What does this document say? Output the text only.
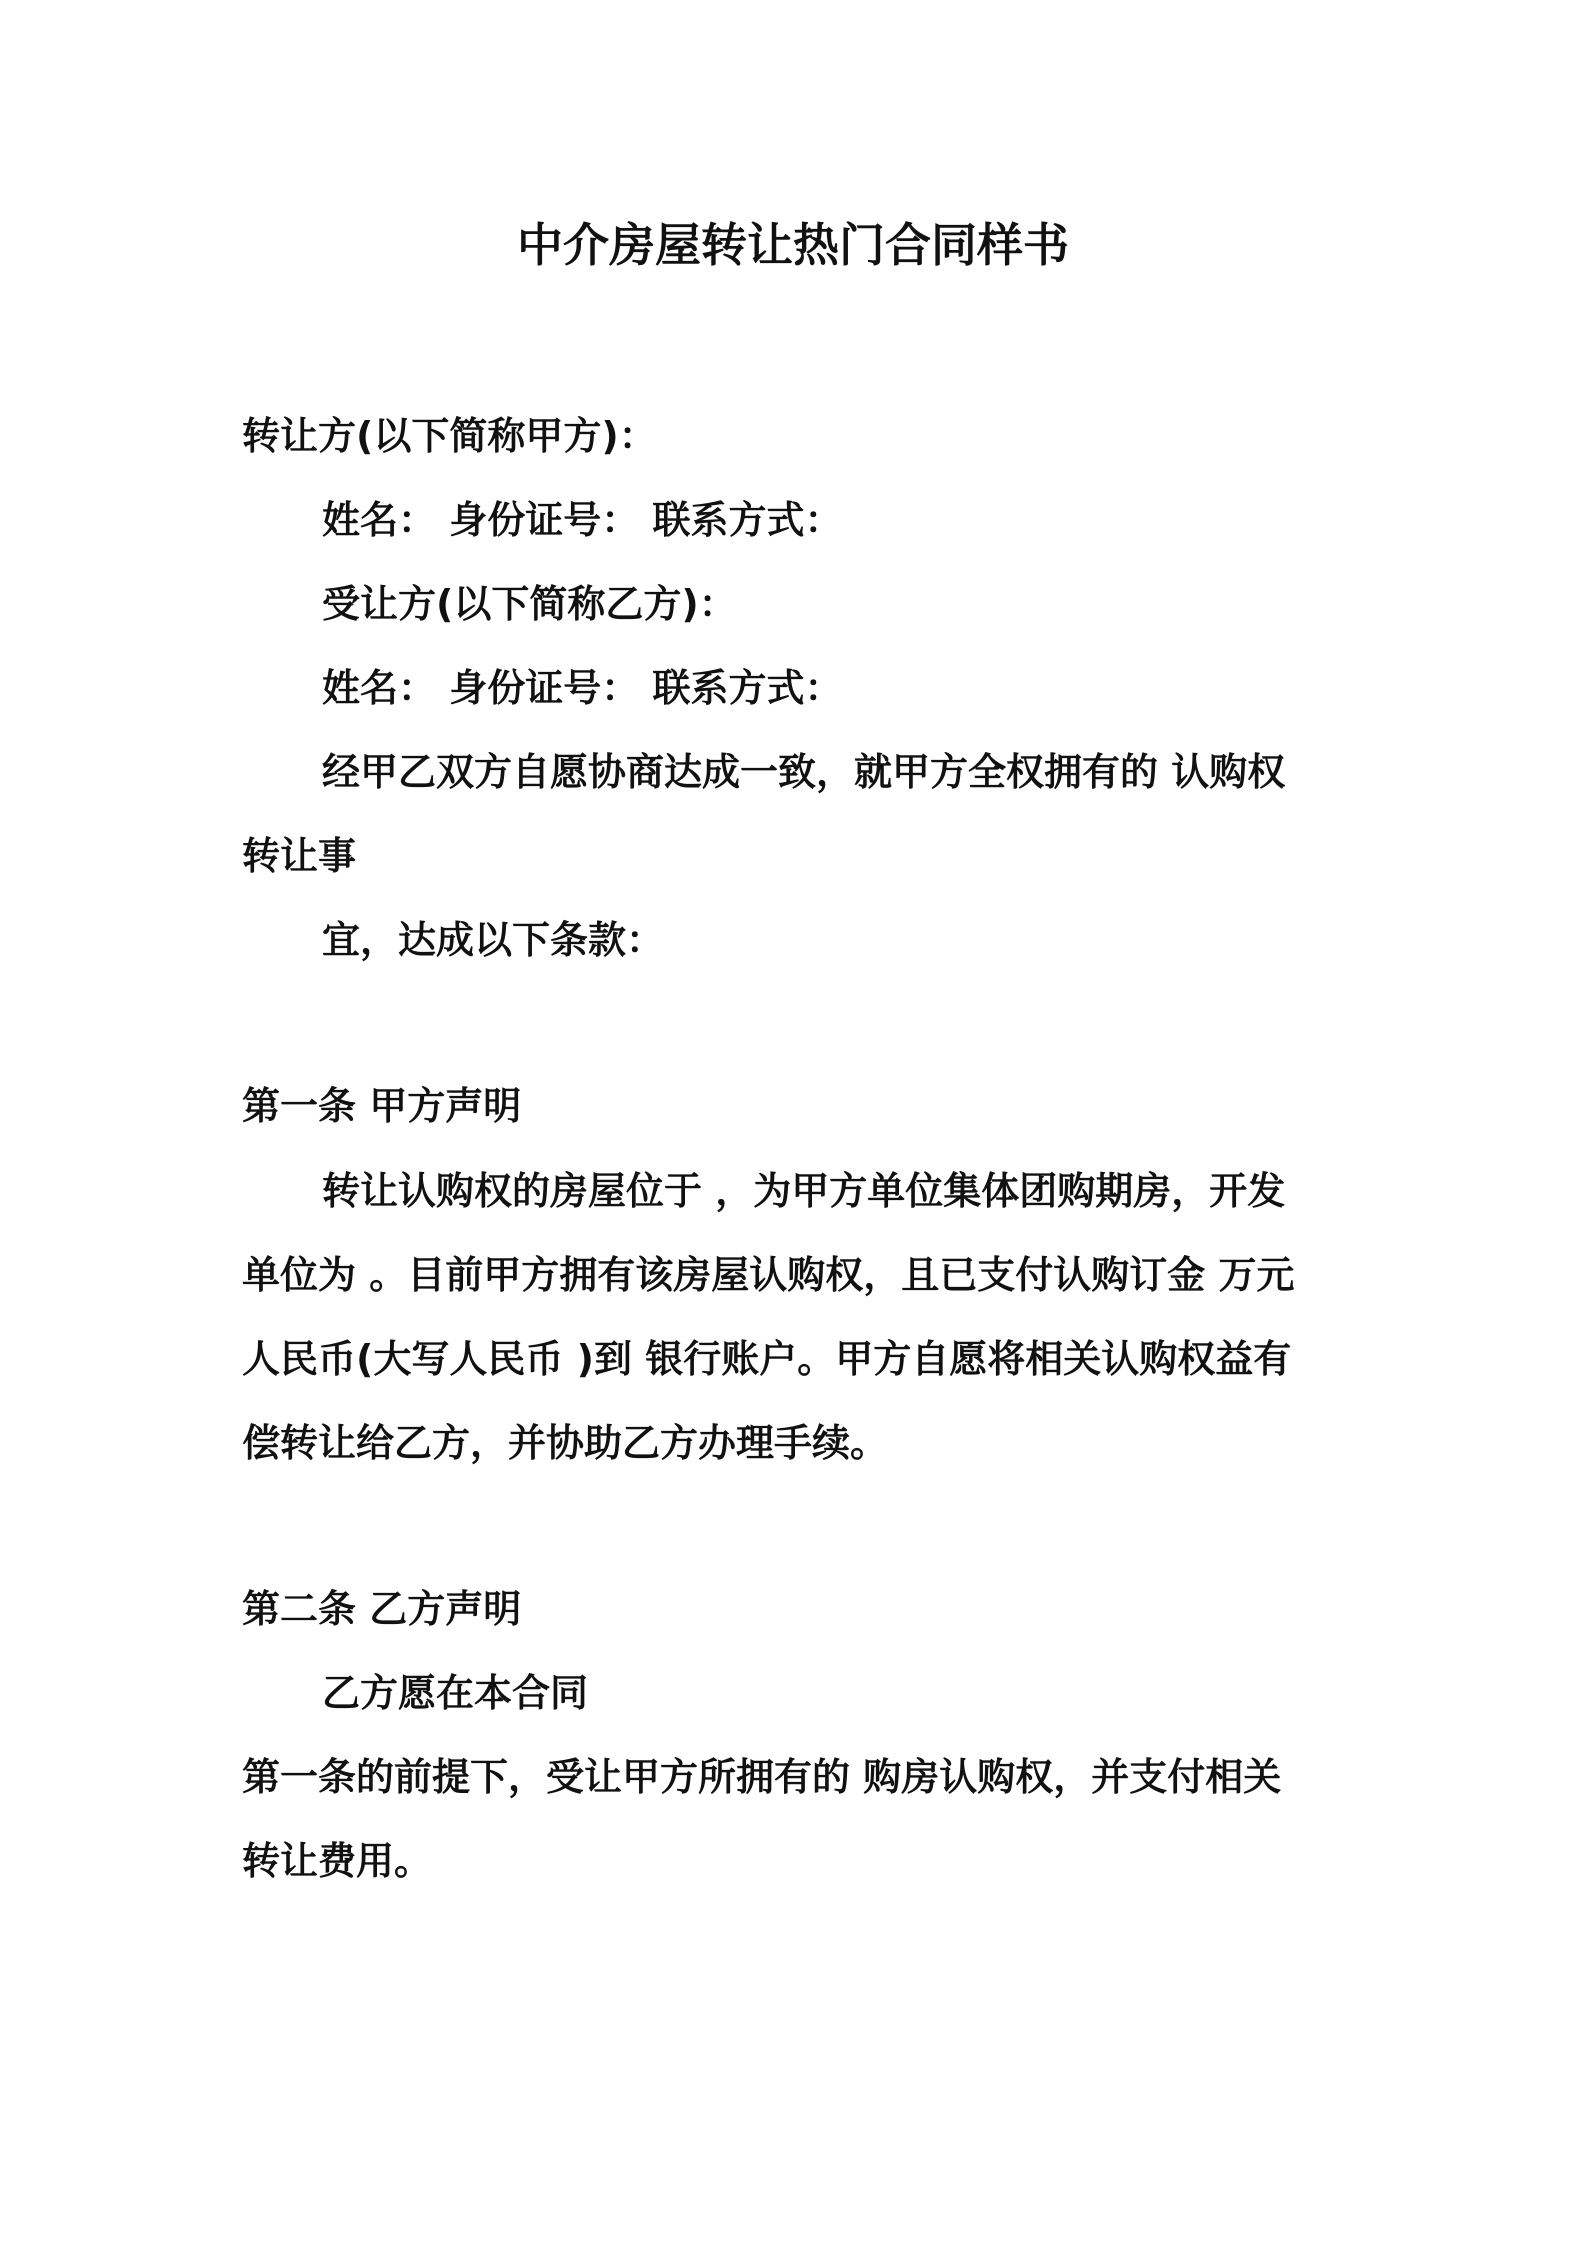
中介房屋转让热门合同样书
转让方(以下简称甲方)：
姓名： 身份证号： 联系方式：
受让方(以下简称乙方)：
姓名： 身份证号： 联系方式：
经甲乙双方自愿协商达成一致，就甲方全权拥有的 认购权
转让事
宜，达成以下条款：
第一条 甲方声明
转让认购权的房屋位于 ，为甲方单位集体团购期房，开发
单位为 。目前甲方拥有该房屋认购权，且已支付认购订金 万元
人民币(大写人民币 )到 银行账户。甲方自愿将相关认购权益有
偿转让给乙方，并协助乙方办理手续。
第二条 乙方声明
乙方愿在本合同
第一条的前提下，受让甲方所拥有的 购房认购权，并支付相关
转让费用。
